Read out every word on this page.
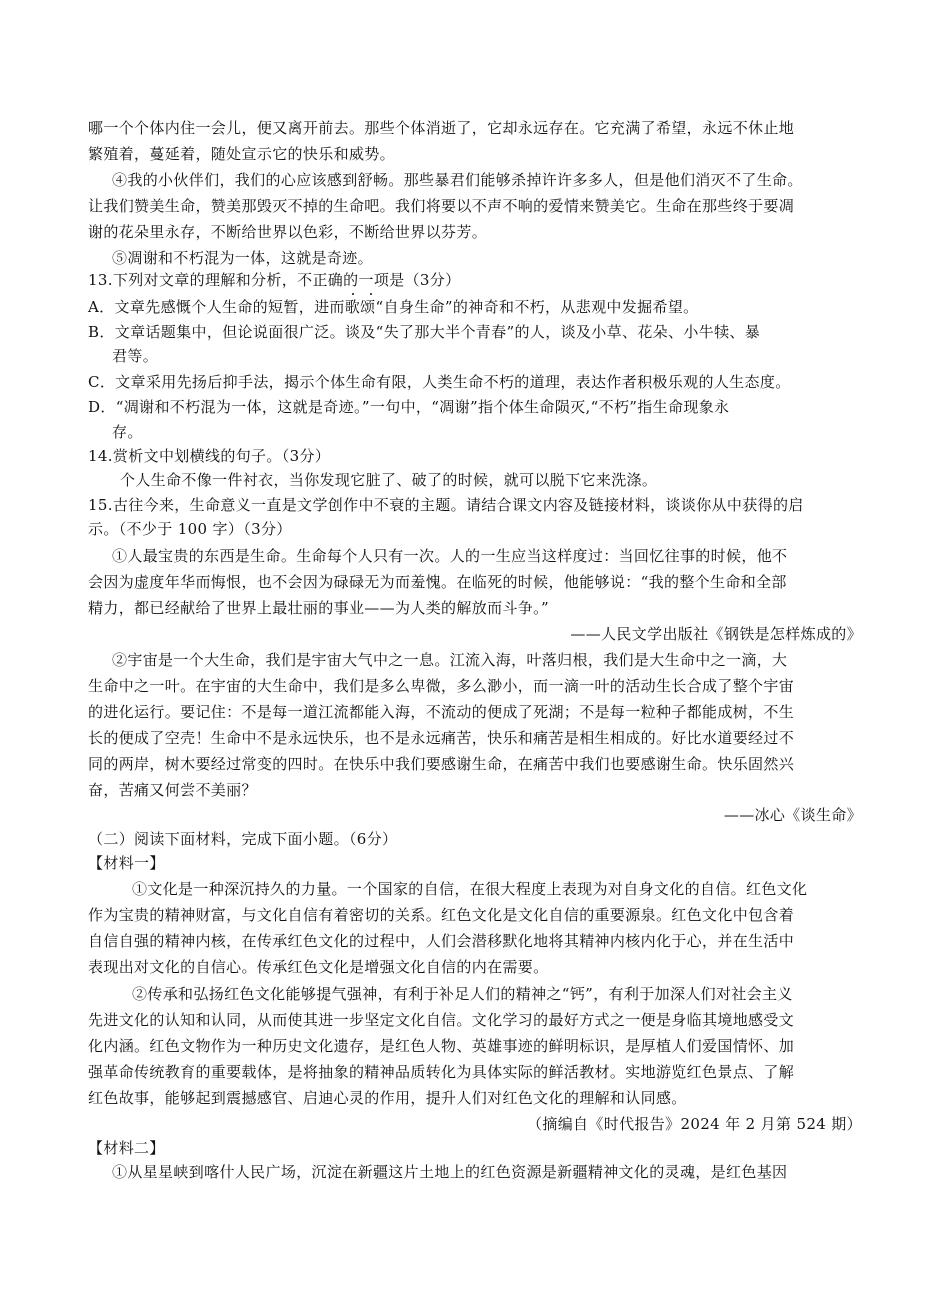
哪一个个体内住一会儿，便又离开前去。那些个体消逝了，它却永远存在。它充满了希望，永远不休止地
繁殖着，蔓延着，随处宣示它的快乐和威势。
④我的小伙伴们，我们的心应该感到舒畅。那些暴君们能够杀掉许许多多人，但是他们消灭不了生命。
让我们赞美生命，赞美那毁灭不掉的生命吧。我们将要以不声不响的爱情来赞美它。生命在那些终于要凋
谢的花朵里永存，不断给世界以色彩，不断给世界以芬芳。
⑤凋谢和不朽混为一体，这就是奇迹。
13.下列对文章的理解和分析，不正确的一项是（3分）
A．文章先感慨个人生命的短暂，进而歌颂“自身生命”的神奇和不朽，从悲观中发掘希望。
B．文章话题集中，但论说面很广泛。谈及“失了那大半个青春”的人，谈及小草、花朵、小牛犊、暴
君等。
C．文章采用先扬后抑手法，揭示个体生命有限，人类生命不朽的道理，表达作者积极乐观的人生态度。
D．“凋谢和不朽混为一体，这就是奇迹。”一句中，“凋谢”指个体生命陨灭,“不朽”指生命现象永
存。
14.赏析文中划横线的句子。（3分）
个人生命不像一件衬衣，当你发现它脏了、破了的时候，就可以脱下它来洗涤。
15.古往今来，生命意义一直是文学创作中不衰的主题。请结合课文内容及链接材料，谈谈你从中获得的启
示。（不少于 100 字）（3分）
①人最宝贵的东西是生命。生命每个人只有一次。人的一生应当这样度过：当回忆往事的时候，他不
会因为虚度年华而悔恨，也不会因为碌碌无为而羞愧。在临死的时候，他能够说：“我的整个生命和全部
精力，都已经献给了世界上最壮丽的事业——为人类的解放而斗争。”
——人民文学出版社《钢铁是怎样炼成的》
②宇宙是一个大生命，我们是宇宙大气中之一息。江流入海，叶落归根，我们是大生命中之一滴，大
生命中之一叶。在宇宙的大生命中，我们是多么卑微，多么渺小，而一滴一叶的活动生长合成了整个宇宙
的进化运行。要记住：不是每一道江流都能入海，不流动的便成了死湖；不是每一粒种子都能成树，不生
长的便成了空壳！生命中不是永远快乐，也不是永远痛苦，快乐和痛苦是相生相成的。好比水道要经过不
同的两岸，树木要经过常变的四时。在快乐中我们要感谢生命，在痛苦中我们也要感谢生命。快乐固然兴
奋，苦痛又何尝不美丽？
——冰心《谈生命》
（二）阅读下面材料，完成下面小题。（6分）
【材料一】
①文化是一种深沉持久的力量。一个国家的自信，在很大程度上表现为对自身文化的自信。红色文化
作为宝贵的精神财富，与文化自信有着密切的关系。红色文化是文化自信的重要源泉。红色文化中包含着
自信自强的精神内核，在传承红色文化的过程中，人们会潜移默化地将其精神内核内化于心，并在生活中
表现出对文化的自信心。传承红色文化是增强文化自信的内在需要。
②传承和弘扬红色文化能够提气强神，有利于补足人们的精神之“钙”，有利于加深人们对社会主义
先进文化的认知和认同，从而使其进一步坚定文化自信。文化学习的最好方式之一便是身临其境地感受文
化内涵。红色文物作为一种历史文化遗存，是红色人物、英雄事迹的鲜明标识，是厚植人们爱国情怀、加
强革命传统教育的重要载体，是将抽象的精神品质转化为具体实际的鲜活教材。实地游览红色景点、了解
红色故事，能够起到震撼感官、启迪心灵的作用，提升人们对红色文化的理解和认同感。
（摘编自《时代报告》2024 年 2 月第 524 期）
【材料二】
①从星星峡到喀什人民广场，沉淀在新疆这片土地上的红色资源是新疆精神文化的灵魂，是红色基因
